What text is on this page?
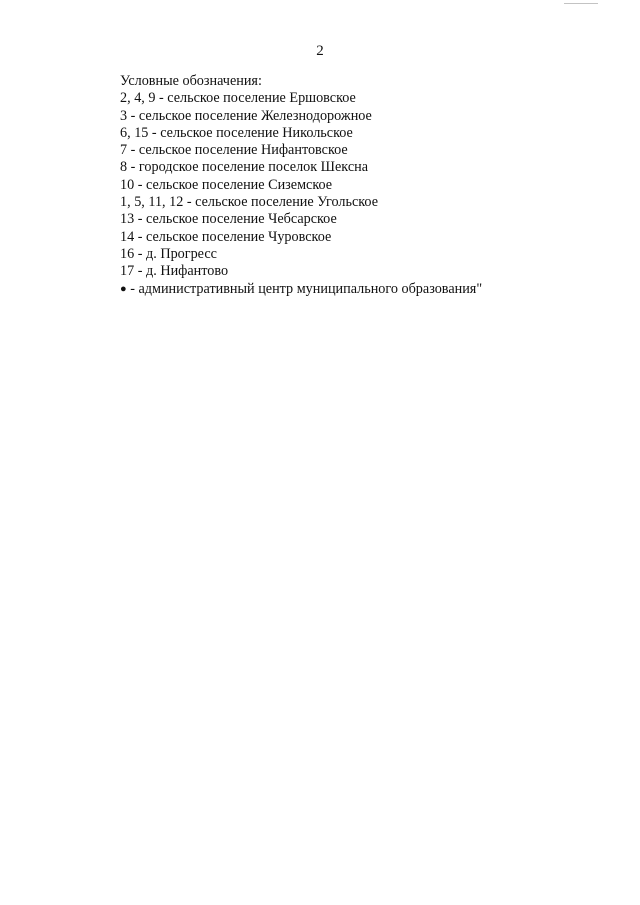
2
Условные обозначения:
2, 4, 9 - сельское поселение Ершовское
3 - сельское поселение Железнодорожное
6, 15 - сельское поселение Никольское
7 - сельское поселение Нифантовское
8 - городское поселение поселок Шексна
10 - сельское поселение Сиземское
1, 5, 11, 12 - сельское поселение Угольское
13 - сельское поселение Чебсарское
14 - сельское поселение Чуровское
16 - д. Прогресс
17 - д. Нифантово
● - административный центр муниципального образования"
